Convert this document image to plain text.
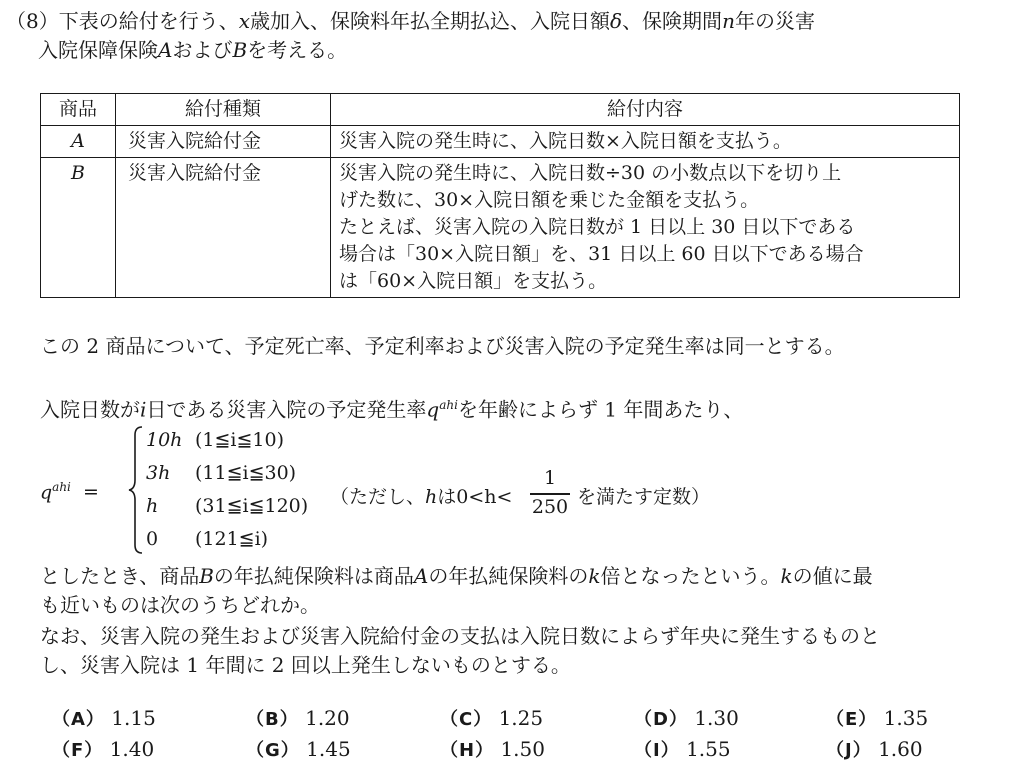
（8）下表の給付を行う、x歳加入、保険料年払全期払込、入院日額δ、保険期間n年の災害
入院保障保険AおよびBを考える。
商品	給付種類	給付内容
A	災害入院給付金	災害入院の発生時に、入院日数×入院日額を支払う。

B	災害入院給付金	災害入院の発生時に、入院日数÷30 の小数点以下を切り上
げた数に、30×入院日額を乗じた金額を支払う。
たとえば、災害入院の入院日数が 1 日以上 30 日以下である
場合は「30×入院日額」を、31 日以上 60 日以下である場合
は「60×入院日額」を支払う。
この 2 商品について、予定死亡率、予定利率および災害入院の予定発生率は同一とする。
入院日数がi日である災害入院の予定発生率$q^{ahi}$を年齢によらず 1 年間あたり、
$q^{ahi}$ =
10h (1≦i≦10)
3h (11≦i≦30)
h (31≦i≦120)
0 (121≦i)
（ただし、hは0<h<
1
250 を満たす定数）
としたとき、商品Bの年払純保険料は商品Aの年払純保険料のk倍となったという。kの値に最
も近いものは次のうちどれか。
なお、災害入院の発生および災害入院給付金の支払は入院日数によらず年央に発生するものと
し、災害入院は 1 年間に 2 回以上発生しないものとする。
（A） 1.15	（B） 1.20	（C） 1.25	（D） 1.30	（E） 1.35
（F） 1.40	（G） 1.45	（H） 1.50	（I） 1.55	（J） 1.60
